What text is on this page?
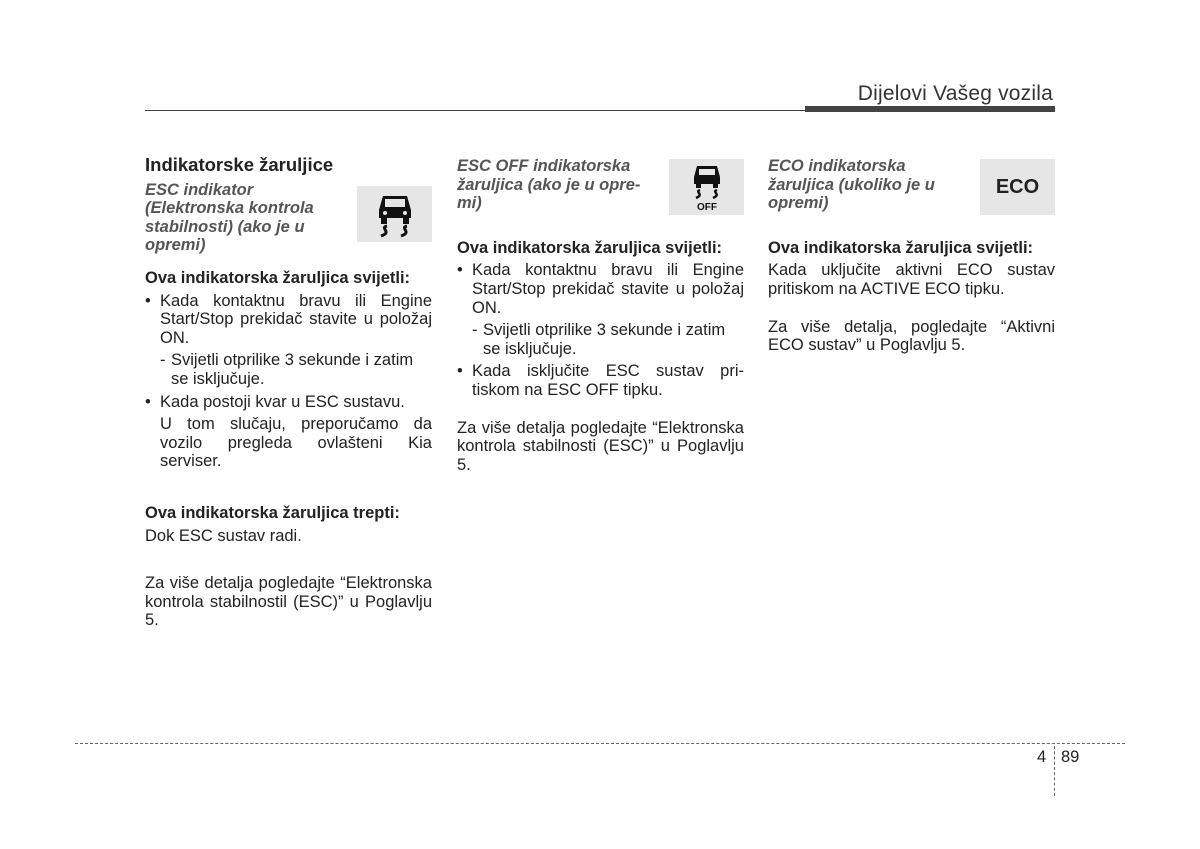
Dijelovi Vašeg vozila
Indikatorske žaruljice
ESC indikator (Elektronska kontrola stabilnosti) (ako je u opremi)
Ova indikatorska žaruljica svijetli:
• Kada kontaktnu bravu ili Engine Start/Stop prekidač stavite u položaj ON.
- Svijetli otprilike 3 sekunde i zatim se isključuje.
• Kada postoji kvar u ESC sustavu.
U tom slučaju, preporučamo da vozilo pregleda ovlašteni Kia serviser.
Ova indikatorska žaruljica trepti:
Dok ESC sustav radi.
Za više detalja pogledajte “Elektronska kontrola stabilnostil (ESC)” u Poglavlju 5.
ESC OFF indikatorska žaruljica (ako je u opre- mi)	OFF
Ova indikatorska žaruljica svijetli:
• Kada kontaktnu bravu ili Engine Start/Stop prekidač stavite u položaj ON.
- Svijetli otprilike 3 sekunde i zatim se isključuje.
• Kada isključite ESC sustav pri- tiskom na ESC OFF tipku.
Za više detalja pogledajte “Elektronska kontrola stabilnosti (ESC)” u Poglavlju 5.
ECO indikatorska žaruljica (ukoliko je u opremi)
ECO
Ova indikatorska žaruljica svijetli:
Kada uključite aktivni ECO sustav pritiskom na ACTIVE ECO tipku.
Za više detalja, pogledajte “Aktivni ECO sustav” u Poglavlju 5.
4 89
